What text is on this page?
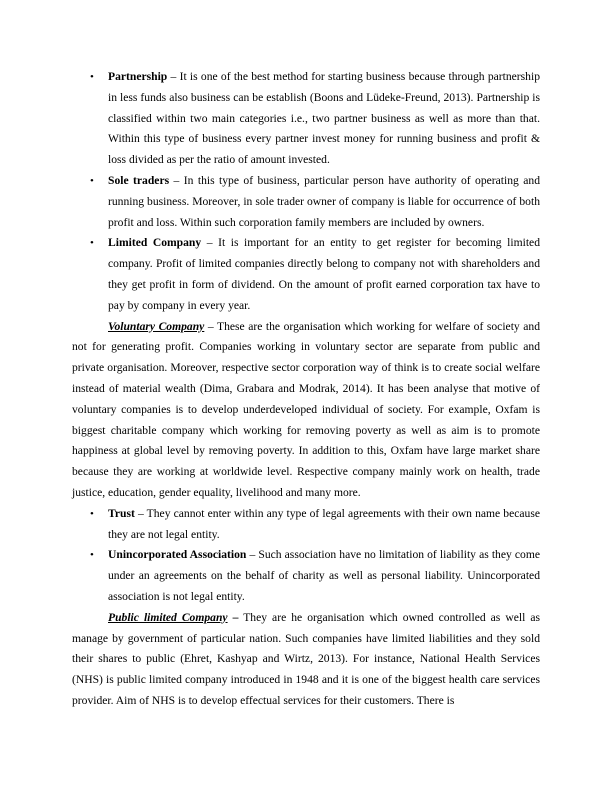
• Partnership – It is one of the best method for starting business because through partnership in less funds also business can be establish (Boons and Lüdeke-Freund, 2013). Partnership is classified within two main categories i.e., two partner business as well as more than that. Within this type of business every partner invest money for running business and profit & loss divided as per the ratio of amount invested.
• Sole traders – In this type of business, particular person have authority of operating and running business. Moreover, in sole trader owner of company is liable for occurrence of both profit and loss. Within such corporation family members are included by owners.
• Limited Company – It is important for an entity to get register for becoming limited company. Profit of limited companies directly belong to company not with shareholders and they get profit in form of dividend. On the amount of profit earned corporation tax have to pay by company in every year.

Voluntary Company – These are the organisation which working for welfare of society and not for generating profit. Companies working in voluntary sector are separate from public and private organisation. Moreover, respective sector corporation way of think is to create social welfare instead of material wealth (Dima, Grabara and Modrak, 2014). It has been analyse that motive of voluntary companies is to develop underdeveloped individual of society. For example, Oxfam is biggest charitable company which working for removing poverty as well as aim is to promote happiness at global level by removing poverty. In addition to this, Oxfam have large market share because they are working at worldwide level. Respective company mainly work on health, trade justice, education, gender equality, livelihood and many more.

• Trust – They cannot enter within any type of legal agreements with their own name because they are not legal entity.
• Unincorporated Association – Such association have no limitation of liability as they come under an agreements on the behalf of charity as well as personal liability. Unincorporated association is not legal entity.

Public limited Company – They are he organisation which owned controlled as well as manage by government of particular nation. Such companies have limited liabilities and they sold their shares to public (Ehret, Kashyap and Wirtz, 2013). For instance, National Health Services (NHS) is public limited company introduced in 1948 and it is one of the biggest health care services provider. Aim of NHS is to develop effectual services for their customers. There is
